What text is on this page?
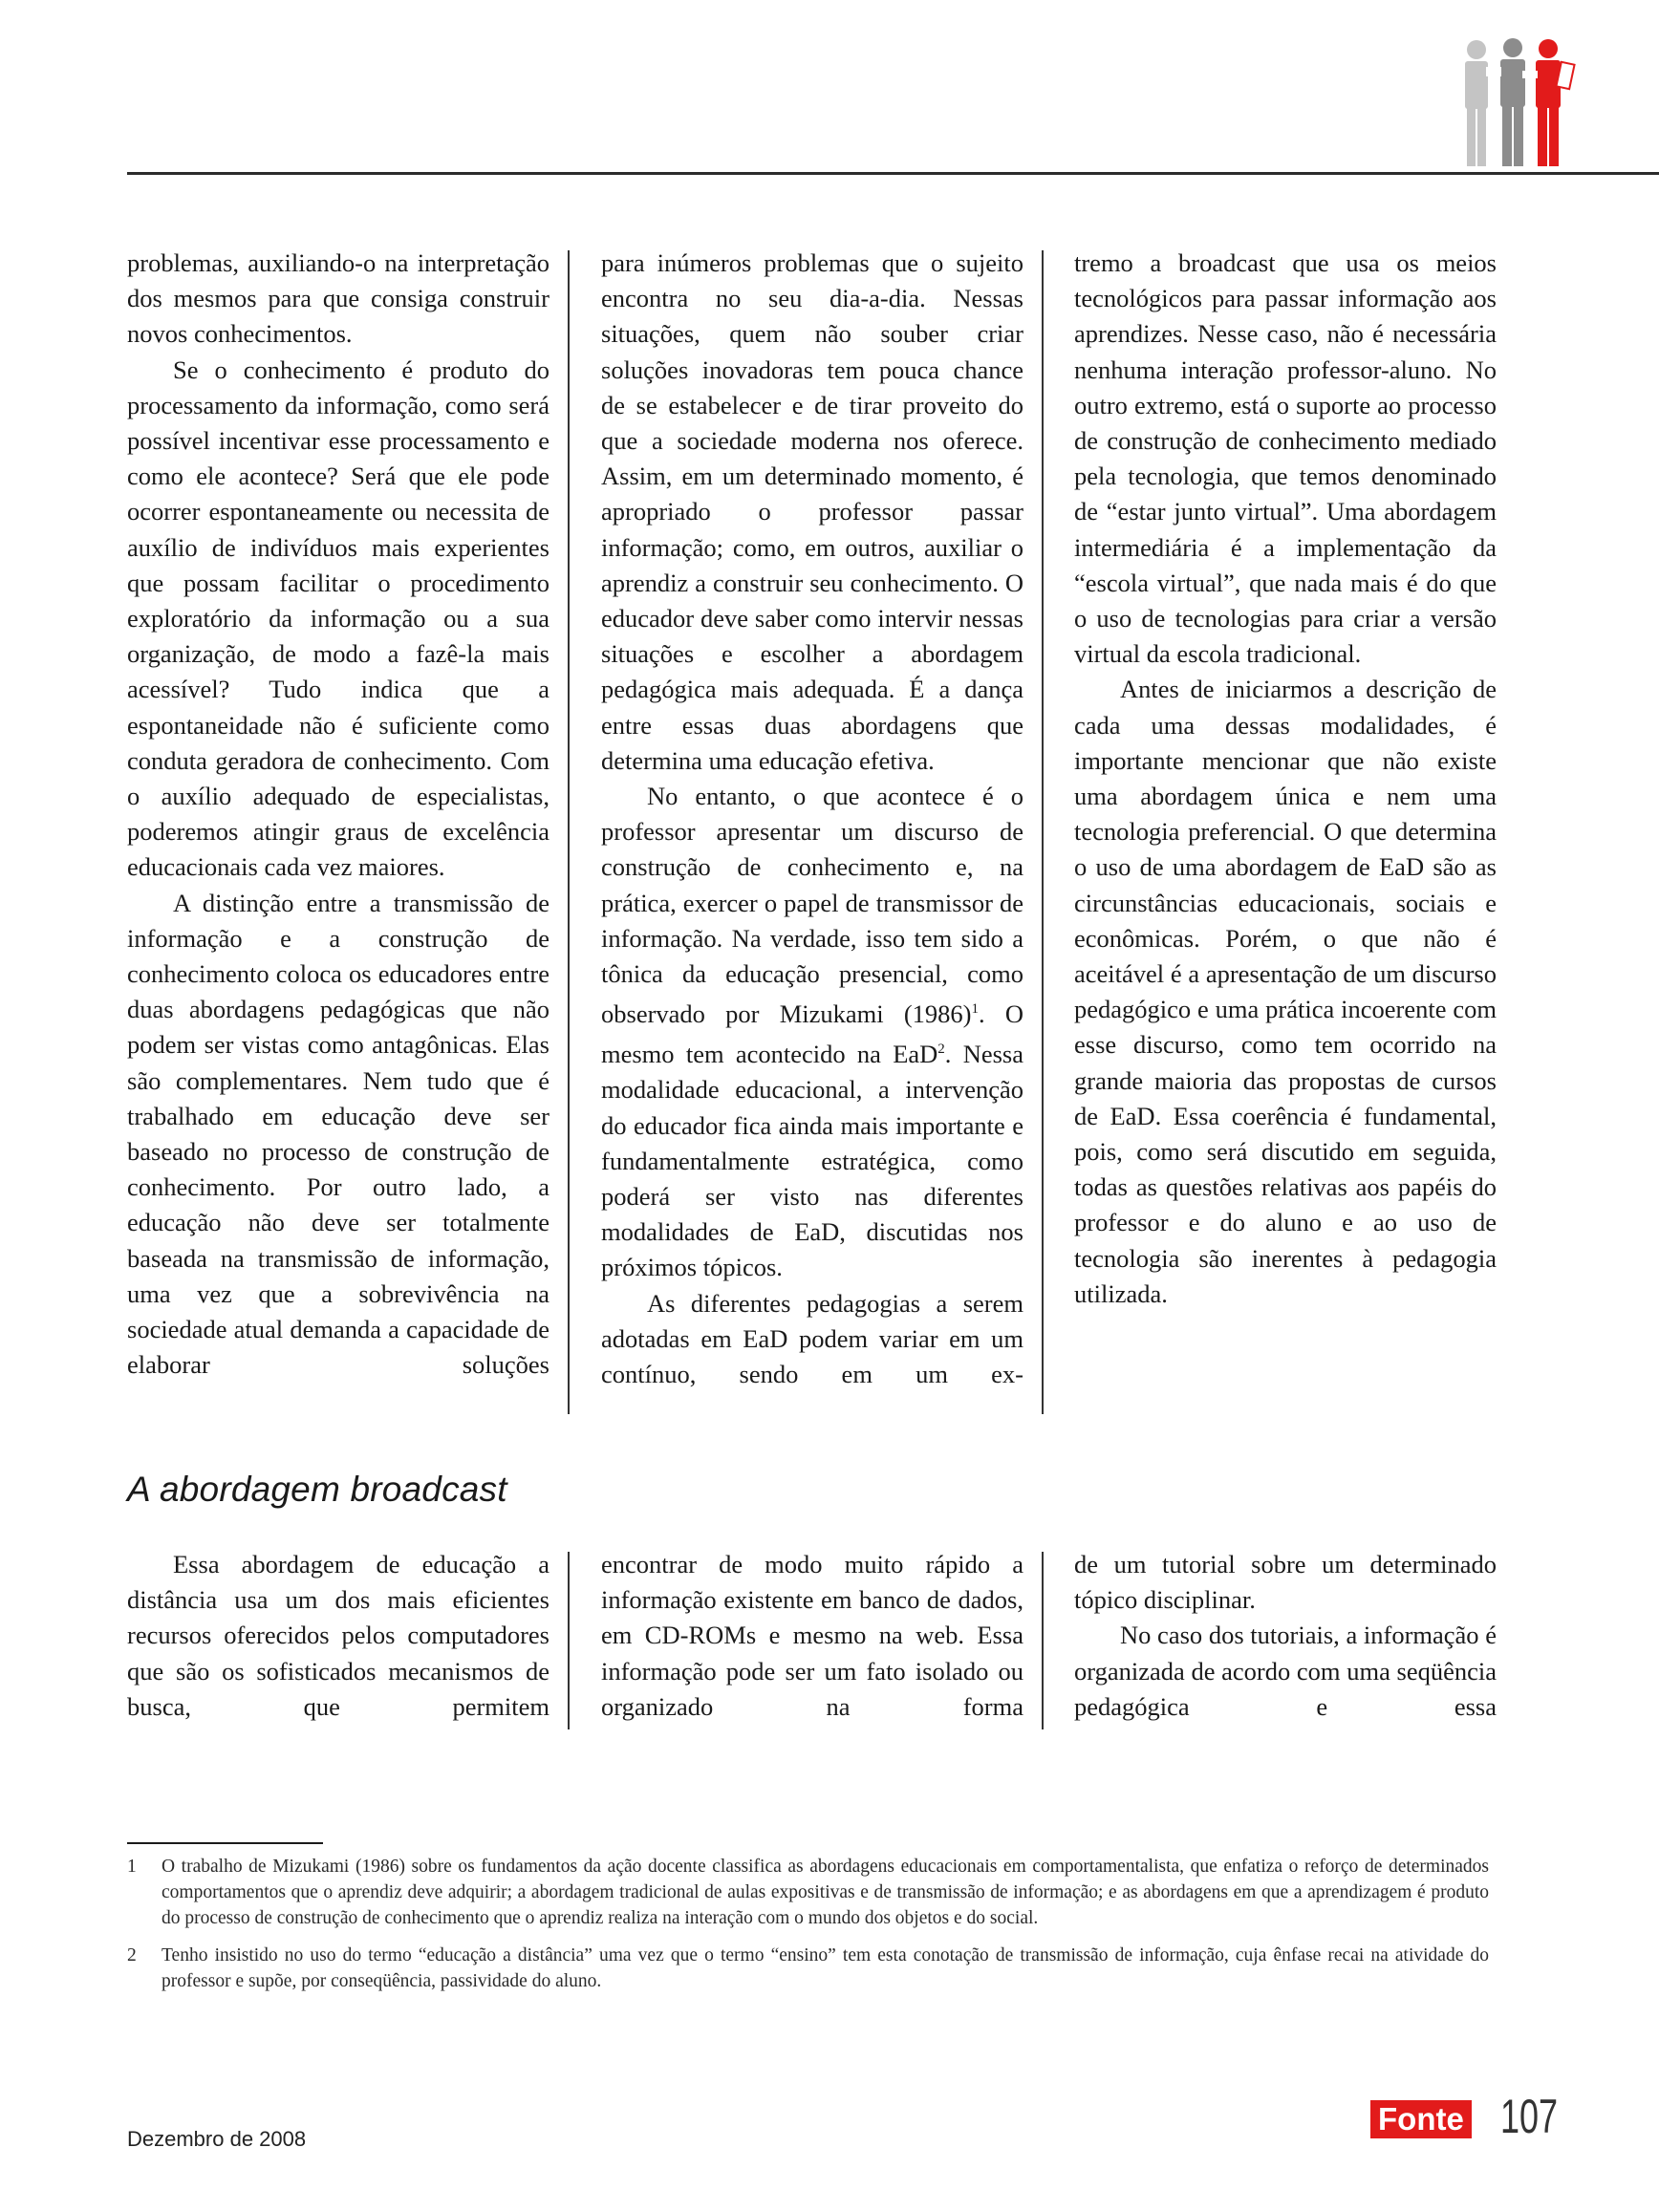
problemas, auxiliando-o na interpretação dos mesmos para que consiga construir novos conhecimentos.

Se o conhecimento é produto do processamento da informação, como será possível incentivar esse processamento e como ele acontece? Será que ele pode ocorrer espontaneamente ou necessita de auxílio de indivíduos mais experientes que possam facilitar o procedimento exploratório da informação ou a sua organização, de modo a fazê-la mais acessível? Tudo indica que a espontaneidade não é suficiente como conduta geradora de conhecimento. Com o auxílio adequado de especialistas, poderemos atingir graus de excelência educacionais cada vez maiores.

A distinção entre a transmissão de informação e a construção de conhecimento coloca os educadores entre duas abordagens pedagógicas que não podem ser vistas como antagônicas. Elas são complementares. Nem tudo que é trabalhado em educação deve ser baseado no processo de construção de conhecimento. Por outro lado, a educação não deve ser totalmente baseada na transmissão de informação, uma vez que a sobrevivência na sociedade atual demanda a capacidade de elaborar soluções

para inúmeros problemas que o sujeito encontra no seu dia-a-dia. Nessas situações, quem não souber criar soluções inovadoras tem pouca chance de se estabelecer e de tirar proveito do que a sociedade moderna nos oferece. Assim, em um determinado momento, é apropriado o professor passar informação; como, em outros, auxiliar o aprendiz a construir seu conhecimento. O educador deve saber como intervir nessas situações e escolher a abordagem pedagógica mais adequada. É a dança entre essas duas abordagens que determina uma educação efetiva.

No entanto, o que acontece é o professor apresentar um discurso de construção de conhecimento e, na prática, exercer o papel de transmissor de informação. Na verdade, isso tem sido a tônica da educação presencial, como observado por Mizukami $(1986)^1$. O mesmo tem acontecido na EaD$^2$. Nessa modalidade educacional, a intervenção do educador fica ainda mais importante e fundamentalmente estratégica, como poderá ser visto nas diferentes modalidades de EaD, discutidas nos próximos tópicos.

As diferentes pedagogias a serem adotadas em EaD podem variar em um contínuo, sendo em um ex-

tremo a broadcast que usa os meios tecnológicos para passar informação aos aprendizes. Nesse caso, não é necessária nenhuma interação professor-aluno. No outro extremo, está o suporte ao processo de construção de conhecimento mediado pela tecnologia, que temos denominado de “estar junto virtual”. Uma abordagem intermediária é a implementação da “escola virtual”, que nada mais é do que o uso de tecnologias para criar a versão virtual da escola tradicional.

Antes de iniciarmos a descrição de cada uma dessas modalidades, é importante mencionar que não existe uma abordagem única e nem uma tecnologia preferencial. O que determina o uso de uma abordagem de EaD são as circunstâncias educacionais, sociais e econômicas. Porém, o que não é aceitável é a apresentação de um discurso pedagógico e uma prática incoerente com esse discurso, como tem ocorrido na grande maioria das propostas de cursos de EaD. Essa coerência é fundamental, pois, como será discutido em seguida, todas as questões relativas aos papéis do professor e do aluno e ao uso de tecnologia são inerentes à pedagogia utilizada.

A abordagem broadcast

Essa abordagem de educação a distância usa um dos mais eficientes recursos oferecidos pelos computadores que são os sofisticados mecanismos de busca, que permitem

encontrar de modo muito rápido a informação existente em banco de dados, em CD-ROMs e mesmo na web. Essa informação pode ser um fato isolado ou organizado na forma

de um tutorial sobre um determinado tópico disciplinar.

No caso dos tutoriais, a informação é organizada de acordo com uma seqüência pedagógica e essa

1	O trabalho de Mizukami (1986) sobre os fundamentos da ação docente classifica as abordagens educacionais em comportamentalista, que enfatiza o reforço de determinados comportamentos que o aprendiz deve adquirir; a abordagem tradicional de aulas expositivas e de transmissão de informação; e as abordagens em que a aprendizagem é produto do processo de construção de conhecimento que o aprendiz realiza na interação com o mundo dos objetos e do social.
2	Tenho insistido no uso do termo “educação a distância” uma vez que o termo “ensino” tem esta conotação de transmissão de informação, cuja ênfase recai na atividade do professor e supõe, por conseqüência, passividade do aluno.
Dezembro de 2008
Fonte 107
